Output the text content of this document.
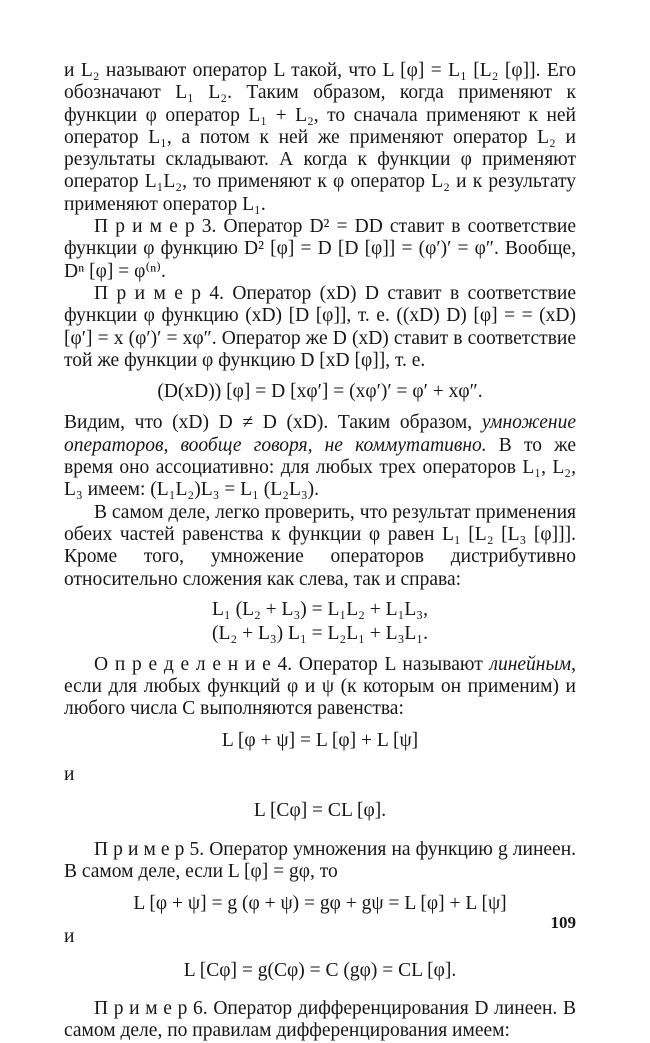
и L₂ называют оператор L такой, что L [φ] = L₁ [L₂ [φ]]. Его обозначают L₁ L₂. Таким образом, когда применяют к функции φ оператор L₁ + L₂, то сначала применяют к ней оператор L₁, а потом к ней же применяют оператор L₂ и результаты складывают. А когда к функции φ применяют оператор L₁L₂, то применяют к φ оператор L₂ и к результату применяют оператор L₁.

П р и м е р 3. Оператор D² = DD ставит в соответствие функции φ функцию D² [φ] = D [D [φ]] = (φ′)′ = φ″. Вообще, Dⁿ [φ] = φ⁽ⁿ⁾.

П р и м е р 4. Оператор (xD) D ставит в соответствие функции φ функцию (xD) [D [φ]], т. е. ((xD) D) [φ] = = (xD) [φ′] = x (φ′)′ = xφ″. Оператор же D (xD) ставит в соответствие той же функции φ функцию D [xD [φ]], т. е.

(D(xD)) [φ] = D [xφ′] = (xφ′)′ = φ′ + xφ″.

Видим, что (xD) D ≠ D (xD). Таким образом, умножение операторов, вообще говоря, не коммутативно. В то же время оно ассоциативно: для любых трех операторов L₁, L₂, L₃ имеем: (L₁L₂)L₃ = L₁ (L₂L₃).

В самом деле, легко проверить, что результат применения обеих частей равенства к функции φ равен L₁ [L₂ [L₃ [φ]]]. Кроме того, умножение операторов дистрибутивно относительно сложения как слева, так и справа:

L₁ (L₂ + L₃) = L₁L₂ + L₁L₃,
(L₂ + L₃) L₁ = L₂L₁ + L₃L₁.

О п р е д е л е н и е 4. Оператор L называют линейным, если для любых функций φ и ψ (к которым он применим) и любого числа C выполняются равенства:

L [φ + ψ] = L [φ] + L [ψ]

и

L [Cφ] = CL [φ].

П р и м е р 5. Оператор умножения на функцию g линеен. В самом деле, если L [φ] = gφ, то

L [φ + ψ] = g (φ + ψ) = gφ + gψ = L [φ] + L [ψ]

и

L [Cφ] = g(Cφ) = C (gφ) = CL [φ].

П р и м е р 6. Оператор дифференцирования D линеен. В самом деле, по правилам дифференцирования имеем:

109
